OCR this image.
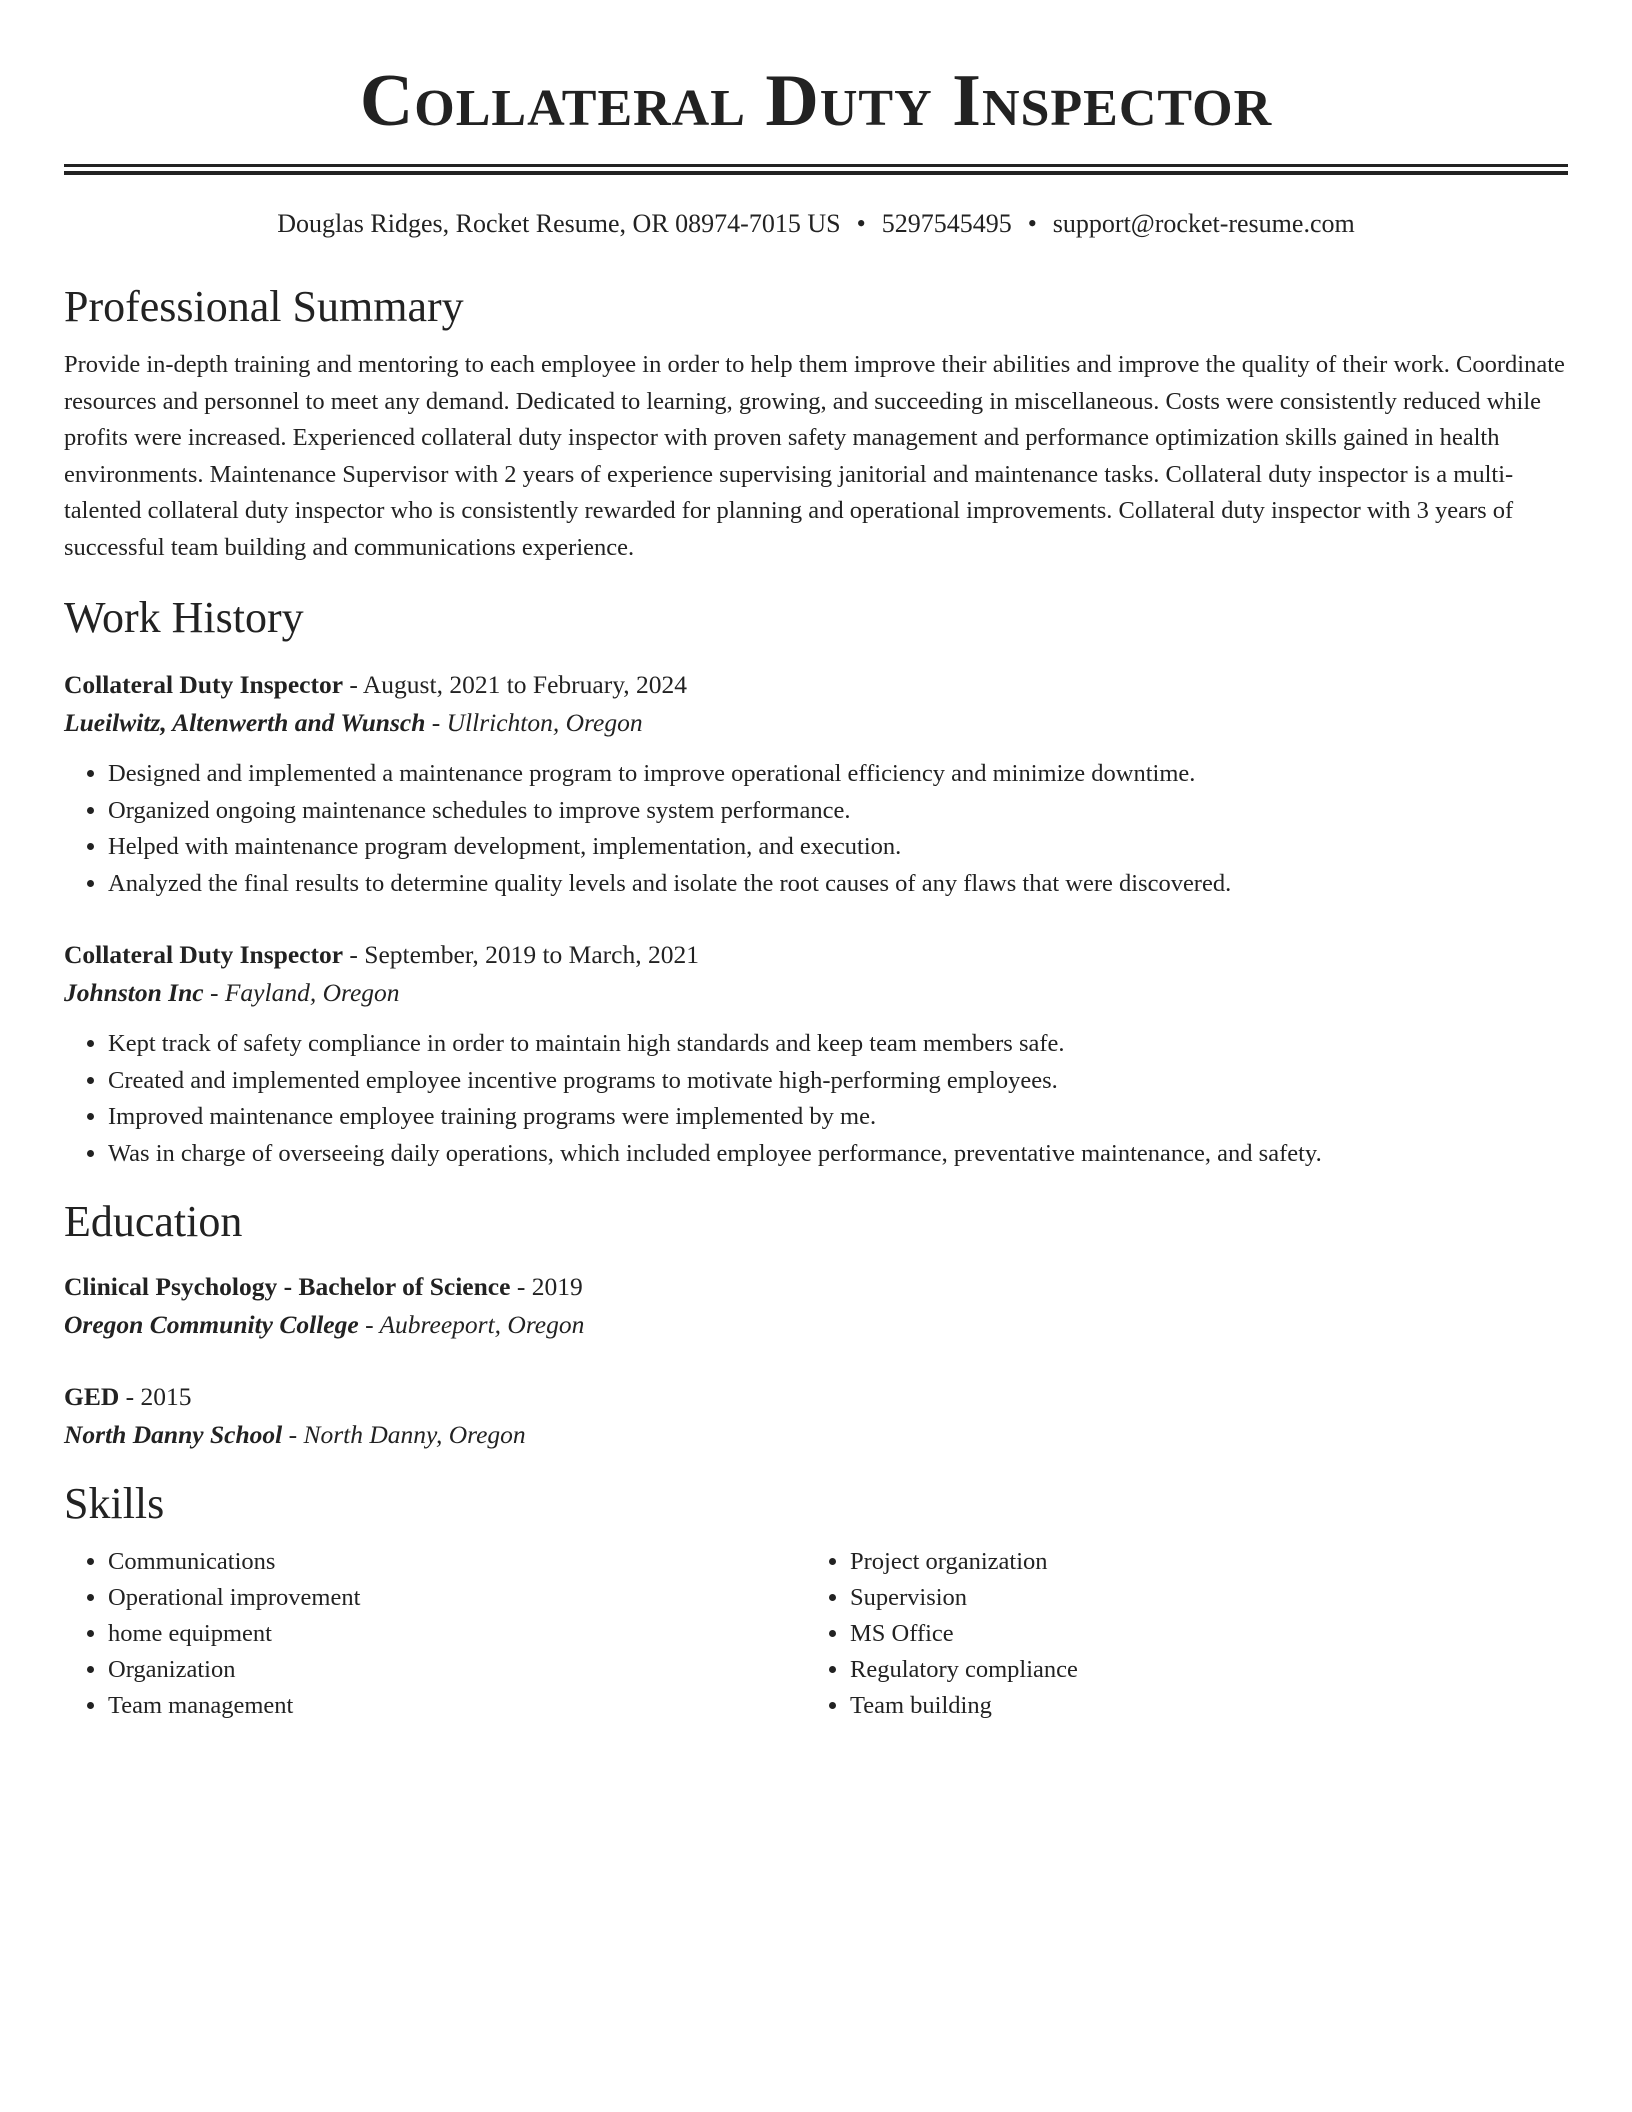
Collateral Duty Inspector
Douglas Ridges, Rocket Resume, OR 08974-7015 US • 5297545495 • support@rocket-resume.com
Professional Summary
Provide in-depth training and mentoring to each employee in order to help them improve their abilities and improve the quality of their work. Coordinate resources and personnel to meet any demand. Dedicated to learning, growing, and succeeding in miscellaneous. Costs were consistently reduced while profits were increased. Experienced collateral duty inspector with proven safety management and performance optimization skills gained in health environments. Maintenance Supervisor with 2 years of experience supervising janitorial and maintenance tasks. Collateral duty inspector is a multi-talented collateral duty inspector who is consistently rewarded for planning and operational improvements. Collateral duty inspector with 3 years of successful team building and communications experience.
Work History
Collateral Duty Inspector - August, 2021 to February, 2024
Lueilwitz, Altenwerth and Wunsch - Ullrichton, Oregon
• Designed and implemented a maintenance program to improve operational efficiency and minimize downtime.
• Organized ongoing maintenance schedules to improve system performance.
• Helped with maintenance program development, implementation, and execution.
• Analyzed the final results to determine quality levels and isolate the root causes of any flaws that were discovered.
Collateral Duty Inspector - September, 2019 to March, 2021
Johnston Inc - Fayland, Oregon
• Kept track of safety compliance in order to maintain high standards and keep team members safe.
• Created and implemented employee incentive programs to motivate high-performing employees.
• Improved maintenance employee training programs were implemented by me.
• Was in charge of overseeing daily operations, which included employee performance, preventative maintenance, and safety.
Education
Clinical Psychology - Bachelor of Science - 2019
Oregon Community College - Aubreeport, Oregon
GED - 2015
North Danny School - North Danny, Oregon
Skills
• Communications
• Operational improvement
• home equipment
• Organization
• Team management
• Project organization
• Supervision
• MS Office
• Regulatory compliance
• Team building
